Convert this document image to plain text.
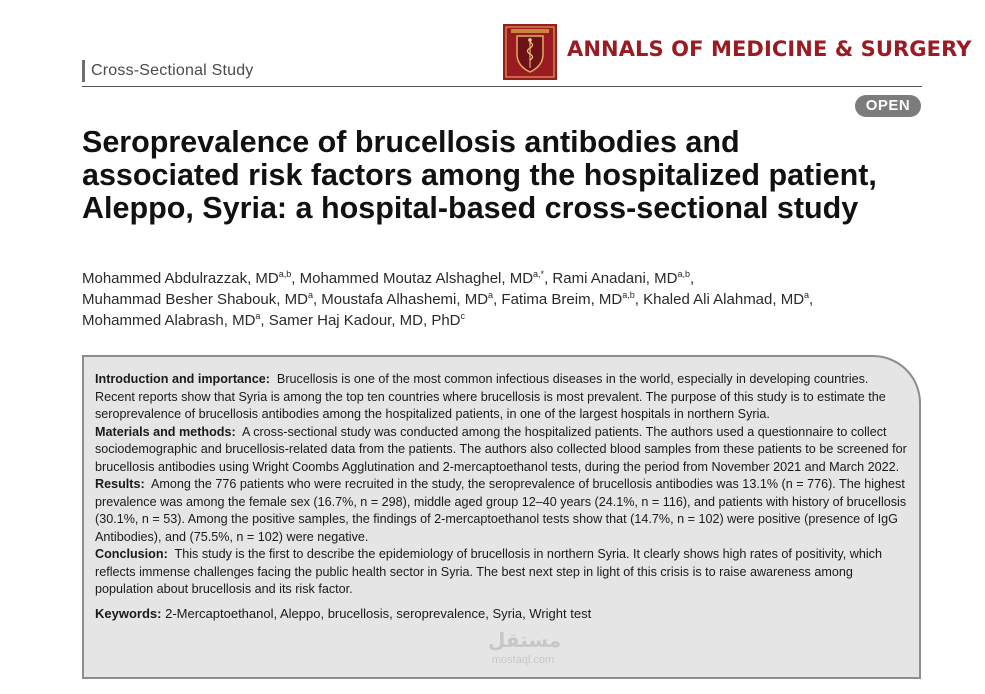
Cross-Sectional Study
ANNALS OF MEDICINE & SURGERY
OPEN
Seroprevalence of brucellosis antibodies and associated risk factors among the hospitalized patient, Aleppo, Syria: a hospital-based cross-sectional study
Mohammed Abdulrazzak, MD$^{a,b}$, Mohammed Moutaz Alshaghel, $MD^{a,*}$, Rami Anadani, MD$^{a,b}$,
Muhammad Besher Shabouk, $MD^a$, Moustafa Alhashemi, $MD^a$, Fatima Breim, MD$^{a,b}$, Khaled Ali Alahmad, $MD^a$,
Mohammed Alabrash, $MD^a$, Samer Haj Kadour, MD, PhD$^c$

Introduction and importance: Brucellosis is one of the most common infectious diseases in the world, especially in developing countries. Recent reports show that Syria is among the top ten countries where brucellosis is most prevalent. The purpose of this study is to estimate the seroprevalence of brucellosis antibodies among the hospitalized patients, in one of the largest hospitals in northern Syria.

Materials and methods: A cross-sectional study was conducted among the hospitalized patients. The authors used a questionnaire to collect sociodemographic and brucellosis-related data from the patients. The authors also collected blood samples from these patients to be screened for brucellosis antibodies using Wright Coombs Agglutination and 2-mercaptoethanol tests, during the period from November 2021 and March 2022.

Results: Among the 776 patients who were recruited in the study, the seroprevalence of brucellosis antibodies was 13.1% (n = 776). The highest prevalence was among the female sex (16.7%, n = 298), middle aged group 12–40 years (24.1%, n = 116), and patients with history of brucellosis (30.1%, n = 53). Among the positive samples, the findings of 2-mercaptoethanol tests show that (14.7%, n = 102) were positive (presence of IgG Antibodies), and (75.5%, n = 102) were negative.

Conclusion: This study is the first to describe the epidemiology of brucellosis in northern Syria. It clearly shows high rates of positivity, which reflects immense challenges facing the public health sector in Syria. The best next step in light of this crisis is to raise awareness among population about brucellosis and its risk factor.

Keywords: 2-Mercaptoethanol, Aleppo, brucellosis, seroprevalence, Syria, Wright test

مستقل
mostaql.com
